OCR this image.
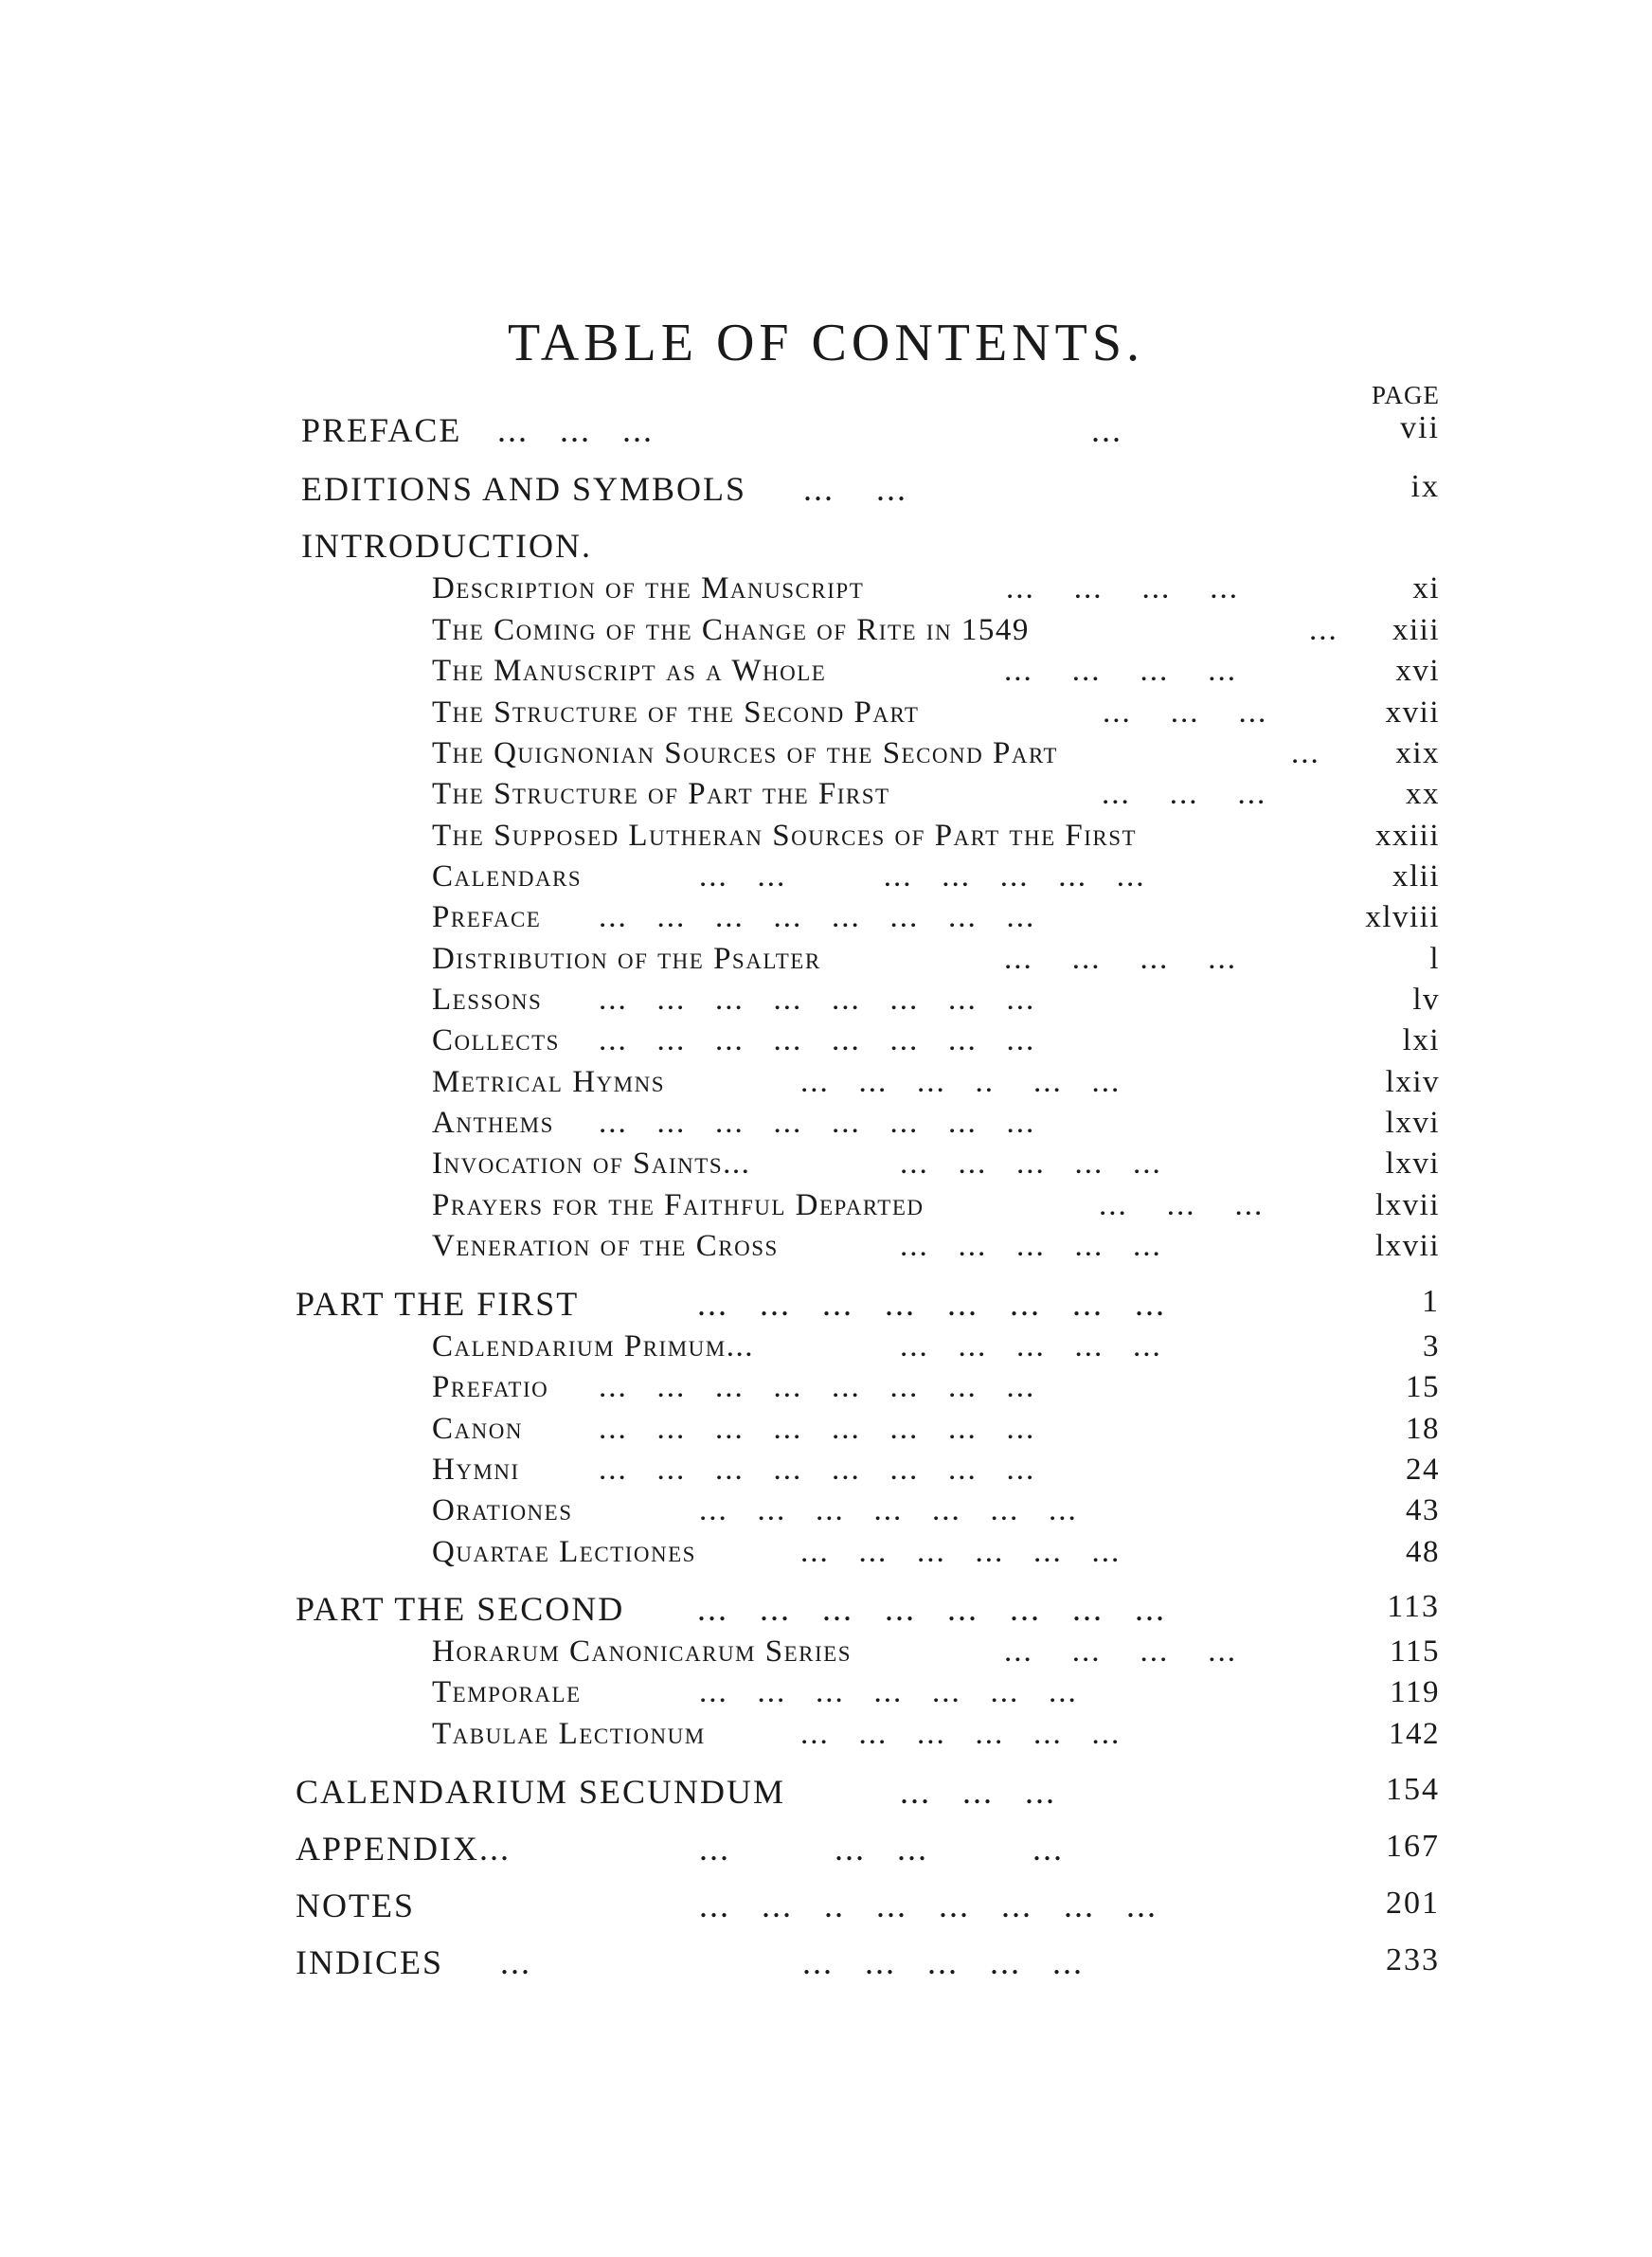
TABLE OF CONTENTS.
PAGE
PREFACE ...   ...   ...                                          ...	vii
EDITIONS AND SYMBOLS ...    ...	ix
INTRODUCTION.
Description of the Manuscript	...    ...    ...    ...	xi
The Coming of the Change of Rite in 1549	... xiii
The Manuscript as a Whole	...    ...    ...    ...	xvi
The Structure of the Second Part	...    ...    ...	xvii
The Quignonian Sources of the Second Part	... xix
The Structure of Part the First	...    ...    ...	xx
The Supposed Lutheran Sources of Part the First	xxiii
Calendars	...   ...          ...   ...   ...   ...   ...	xlii
Preface ...   ...   ...   ...   ...   ...   ...   ...	xlviii
Distribution of the Psalter	...    ...    ...    ...	l
Lessons ...   ...   ...   ...   ...   ...   ...   ...	lv
Collects ...   ...   ...   ...   ...   ...   ...   ...	lxi
Metrical Hymns	...   ...   ...   ..    ...   ...	lxiv
Anthems ...   ...   ...   ...   ...   ...   ...   ...	lxvi
Invocation of Saints...	...   ...   ...   ...   ...	lxvi
Prayers for the Faithful Departed	...    ...    ...	lxvii
Veneration of the Cross	...   ...   ...   ...   ...	lxvii
PART THE FIRST	...   ...   ...   ...   ...   ...   ...   ...	1
Calendarium Primum...	...   ...   ...   ...   ...	3
Prefatio ...   ...   ...   ...   ...   ...   ...   ...	15
Canon ...   ...   ...   ...   ...   ...   ...   ...	18
Hymni	...   ...   ...   ...   ...   ...   ...   ...	24
Orationes	...   ...   ...   ...   ...   ...   ...	43
Quartae Lectiones	...   ...   ...   ...   ...   ...	48
PART THE SECOND ...   ...   ...   ...   ...   ...   ...   ...	113
Horarum Canonicarum Series	...    ...    ...    ...	115
Temporale	...   ...   ...   ...   ...   ...   ...	119
Tabulae Lectionum	...   ...   ...   ...   ...   ...	142
CALENDARIUM SECUNDUM	...   ...   ...	154
APPENDIX...	...          ...   ...          ...	167
NOTES	...   ...   ..   ...   ...   ...   ...   ...	201
INDICES ...                          ...   ...   ...   ...   ...	233
